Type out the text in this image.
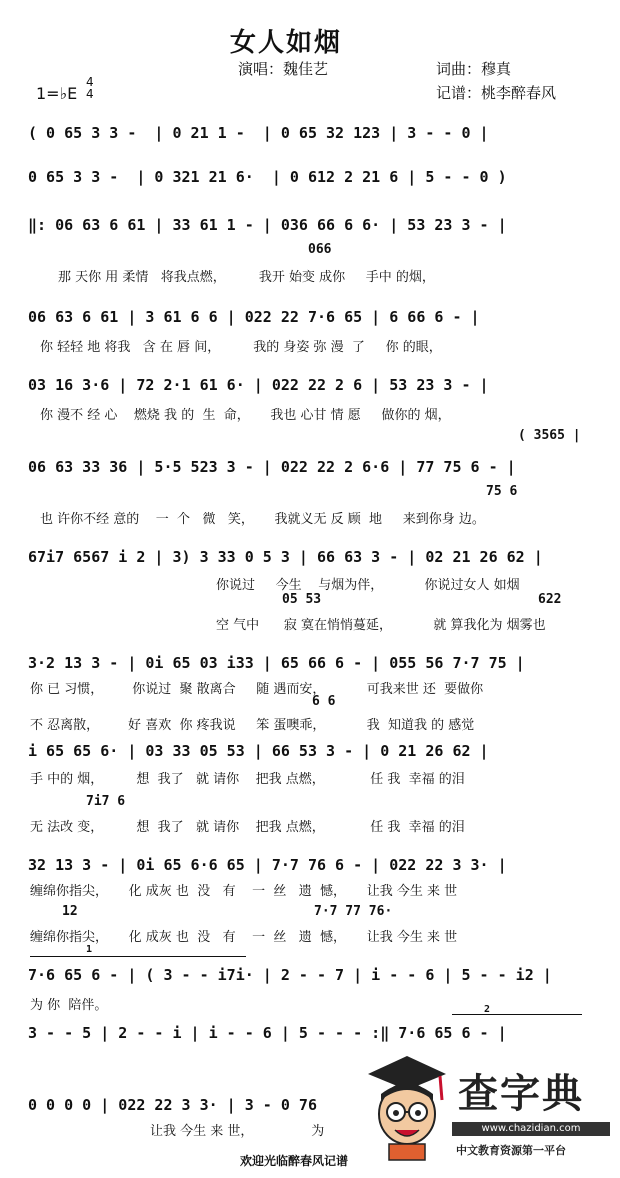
女人如烟
演唱：魏佳艺	词曲：穆真
记谱：桃李醉春风
1=♭E
4
4
( 0 65 3 3 -  | 0 21 1 -  | 0 65 32 123 | 3 - - 0 |
0 65 3 3 -  | 0 321 21 6·  | 0 612 2 21 6 | 5 - - 0 )
‖: 06 63 6 61 | 33 61 1 - | 036 66 6 6· | 53 23 3 - |
066
那 天你 用 柔情   将我点燃，        我开 始变 成你     手中 的烟，
06 63 6 61 | 3 61 6 6 | 022 22 7·6 65 | 6 66 6 - |
你 轻轻 地 将我   含 在 唇 间，        我的 身姿 弥 漫  了     你 的眼，
03 16 3·6 | 72 2·1 61 6· | 022 22 2 6 | 53 23 3 - |
你 漫不 经 心    燃烧 我 的  生  命，     我也 心甘 情 愿     做你的 烟，
( 3565 |
06 63 33 36 | 5·5 523 3 - | 022 22 2 6·6 | 77 75 6 - |
75 6
也 许你不经 意的    一  个   微   笑，     我就义无 反 顾  地     来到你身 边。
67i7 6567 i 2 | 3) 3 33 0 5 3 | 66 63 3 - | 02 21 26 62 |
你说过     今生    与烟为伴，          你说过女人 如烟
05 53	622
空 气中      寂 寞在悄悄蔓延，          就 算我化为 烟雾也
3·2 13 3 - | 0i 65 03 i33 | 65 66 6 - | 055 56 7·7 75 |
6 6
你 已 习惯，       你说过  聚 散离合     随 遇而安，          可我来世 还  要做你
不 忍离散，       好 喜欢  你 疼我说     笨 蛋噢乖，          我  知道我 的 感觉
i 65 65 6· | 03 33 05 53 | 66 53 3 - | 0 21 26 62 |
手 中的 烟，        想  我了   就 请你    把我 点燃，           任 我  幸福 的泪
7i7 6
无 法改 变，        想  我了   就 请你    把我 点燃，           任 我  幸福 的泪
32 13 3 - | 0i 65 6·6 65 | 7·7 76 6 - | 022 22 3 3· |
缠绵你指尖，     化 成灰 也  没   有    一  丝   遗  憾，     让我 今生 来 世
12	7·7 77 76·
缠绵你指尖，     化 成灰 也  没   有    一  丝   遗  憾，     让我 今生 来 世
1
7·6 65 6 - | ( 3 - - i7i· | 2 - - 7 | i - - 6 | 5 - - i2 |
为 你  陪伴。	2
3 - - 5 | 2 - - i | i - - 6 | 5 - - - :‖ 7·6 65 6 - |
0 0 0 0 | 022 22 3 3· | 3 - 0 76
让我 今生 来 世，              为
欢迎光临醉春风记谱
查字典
www.chazidian.com
中文教育资源第一平台
